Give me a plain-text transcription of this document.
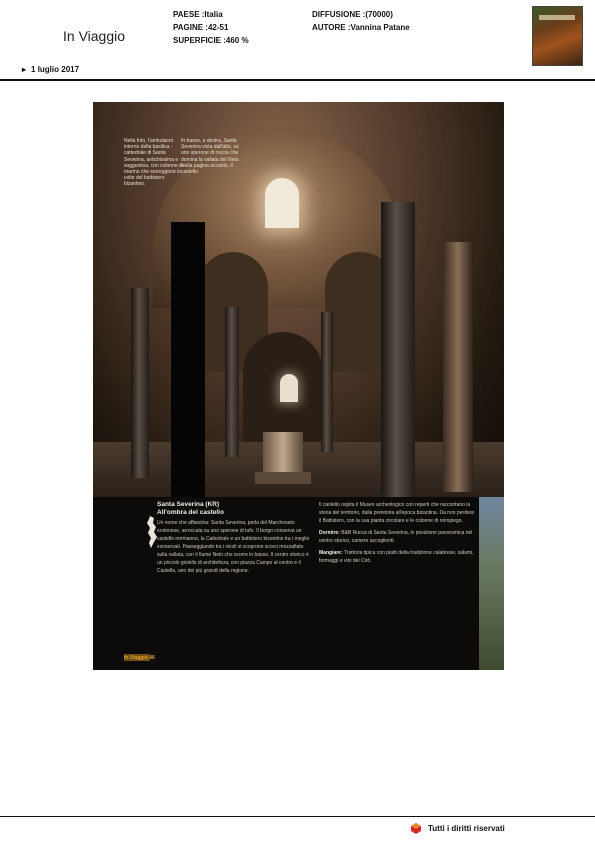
In Viaggio
PAESE :Italia
PAGINE :42-51
SUPERFICIE :460 %
DIFFUSIONE :(70000)
AUTORE :Vannina Patane
▸ 1 luglio 2017
Nella foto, l'ambulacro interno della basilica - cattedrale di Santa Severina, antichissima e suggestiva, con colonne in marmo che sorreggono le volte del battistero bizantino.
In basso, a destra, Santa Severina vista dall'alto, su uno sperone di roccia che domina la vallata del Neto. Nella pagina accanto, il castello.
Santa Severina (KR)
All'ombra del castello

Un nome che affascina: Santa Severina, perla del Marchesato crotonese, arroccata su uno sperone di tufo. Il borgo conserva un castello normanno, la Cattedrale e un battistero bizantino tra i meglio conservati. Passeggiando tra i vicoli si scoprono scorci mozzafiato sulla vallata, con il fiume Neto che scorre in basso. Il centro storico è un piccolo gioiello di architettura, con piazza Campo al centro e il Castello, uno dei più grandi della regione.

Il castello ospita il Museo archeologico con reperti che raccontano la storia del territorio, dalla preistoria all'epoca bizantina. Da non perdere il Battistero, con la sua pianta circolare e le colonne di reimpiego.

Dormire: B&B Rocca di Santa Severina, in posizione panoramica nel centro storico, camere accoglienti.

Mangiare: Trattoria tipica con piatti della tradizione calabrese, salumi, formaggi e vini del Cirò.

In Viaggio 46
Tutti i diritti riservati
